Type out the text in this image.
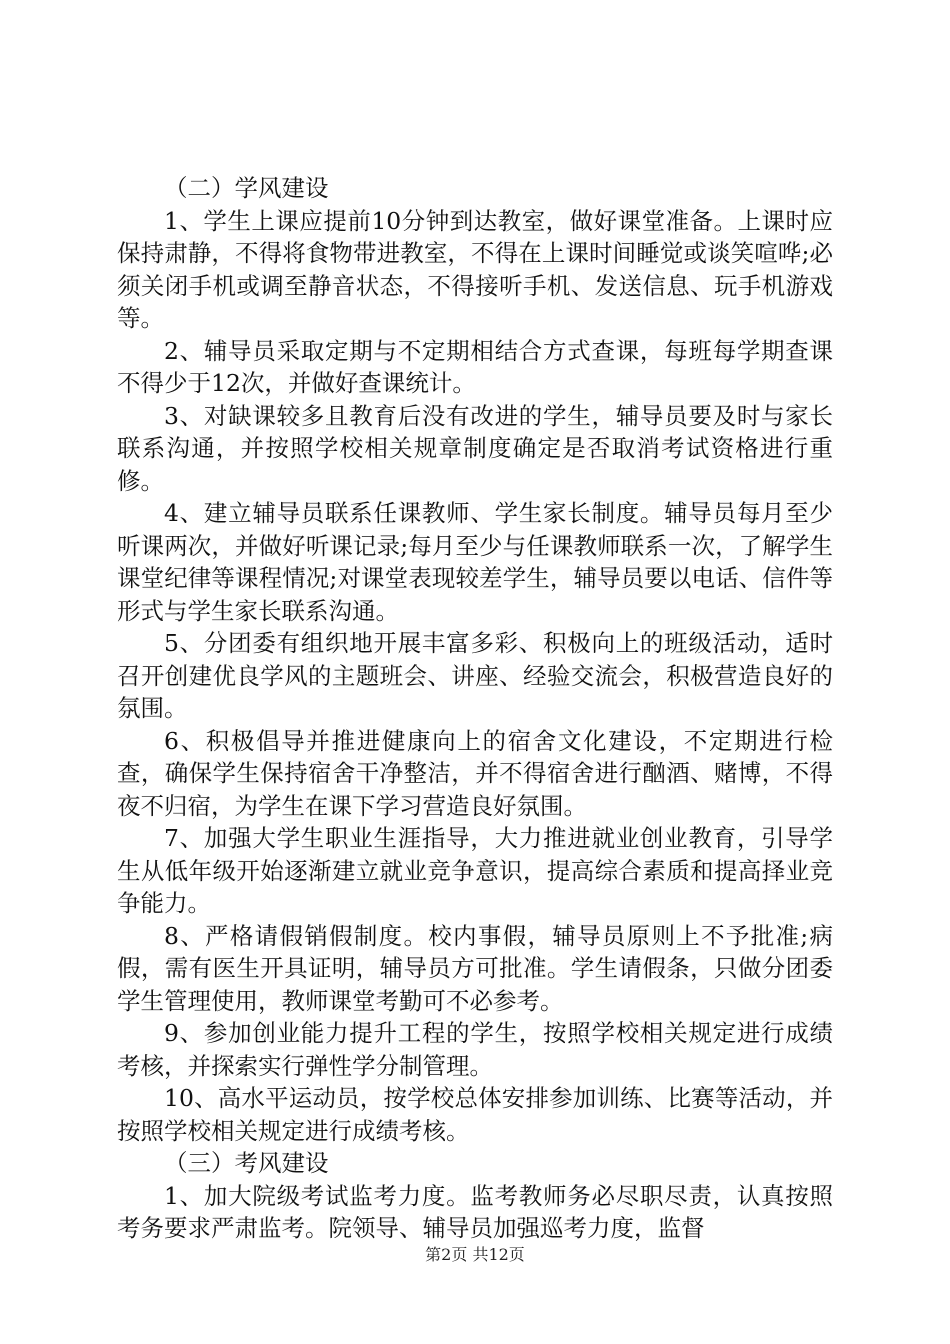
（二）学风建设

1、学生上课应提前10分钟到达教室，做好课堂准备。上课时应保持肃静，不得将食物带进教室，不得在上课时间睡觉或谈笑喧哗;必须关闭手机或调至静音状态，不得接听手机、发送信息、玩手机游戏等。

2、辅导员采取定期与不定期相结合方式查课，每班每学期查课不得少于12次，并做好查课统计。

3、对缺课较多且教育后没有改进的学生，辅导员要及时与家长联系沟通，并按照学校相关规章制度确定是否取消考试资格进行重修。

4、建立辅导员联系任课教师、学生家长制度。辅导员每月至少听课两次，并做好听课记录;每月至少与任课教师联系一次，了解学生课堂纪律等课程情况;对课堂表现较差学生，辅导员要以电话、信件等形式与学生家长联系沟通。

5、分团委有组织地开展丰富多彩、积极向上的班级活动，适时召开创建优良学风的主题班会、讲座、经验交流会，积极营造良好的氛围。

6、积极倡导并推进健康向上的宿舍文化建设，不定期进行检查，确保学生保持宿舍干净整洁，并不得宿舍进行酗酒、赌博，不得夜不归宿，为学生在课下学习营造良好氛围。

7、加强大学生职业生涯指导，大力推进就业创业教育，引导学生从低年级开始逐渐建立就业竞争意识，提高综合素质和提高择业竞争能力。

8、严格请假销假制度。校内事假，辅导员原则上不予批准;病假，需有医生开具证明，辅导员方可批准。学生请假条，只做分团委学生管理使用，教师课堂考勤可不必参考。

9、参加创业能力提升工程的学生，按照学校相关规定进行成绩考核，并探索实行弹性学分制管理。

10、高水平运动员，按学校总体安排参加训练、比赛等活动，并按照学校相关规定进行成绩考核。

（三）考风建设

1、加大院级考试监考力度。监考教师务必尽职尽责，认真按照考务要求严肃监考。院领导、辅导员加强巡考力度，监督

第2页 共12页
